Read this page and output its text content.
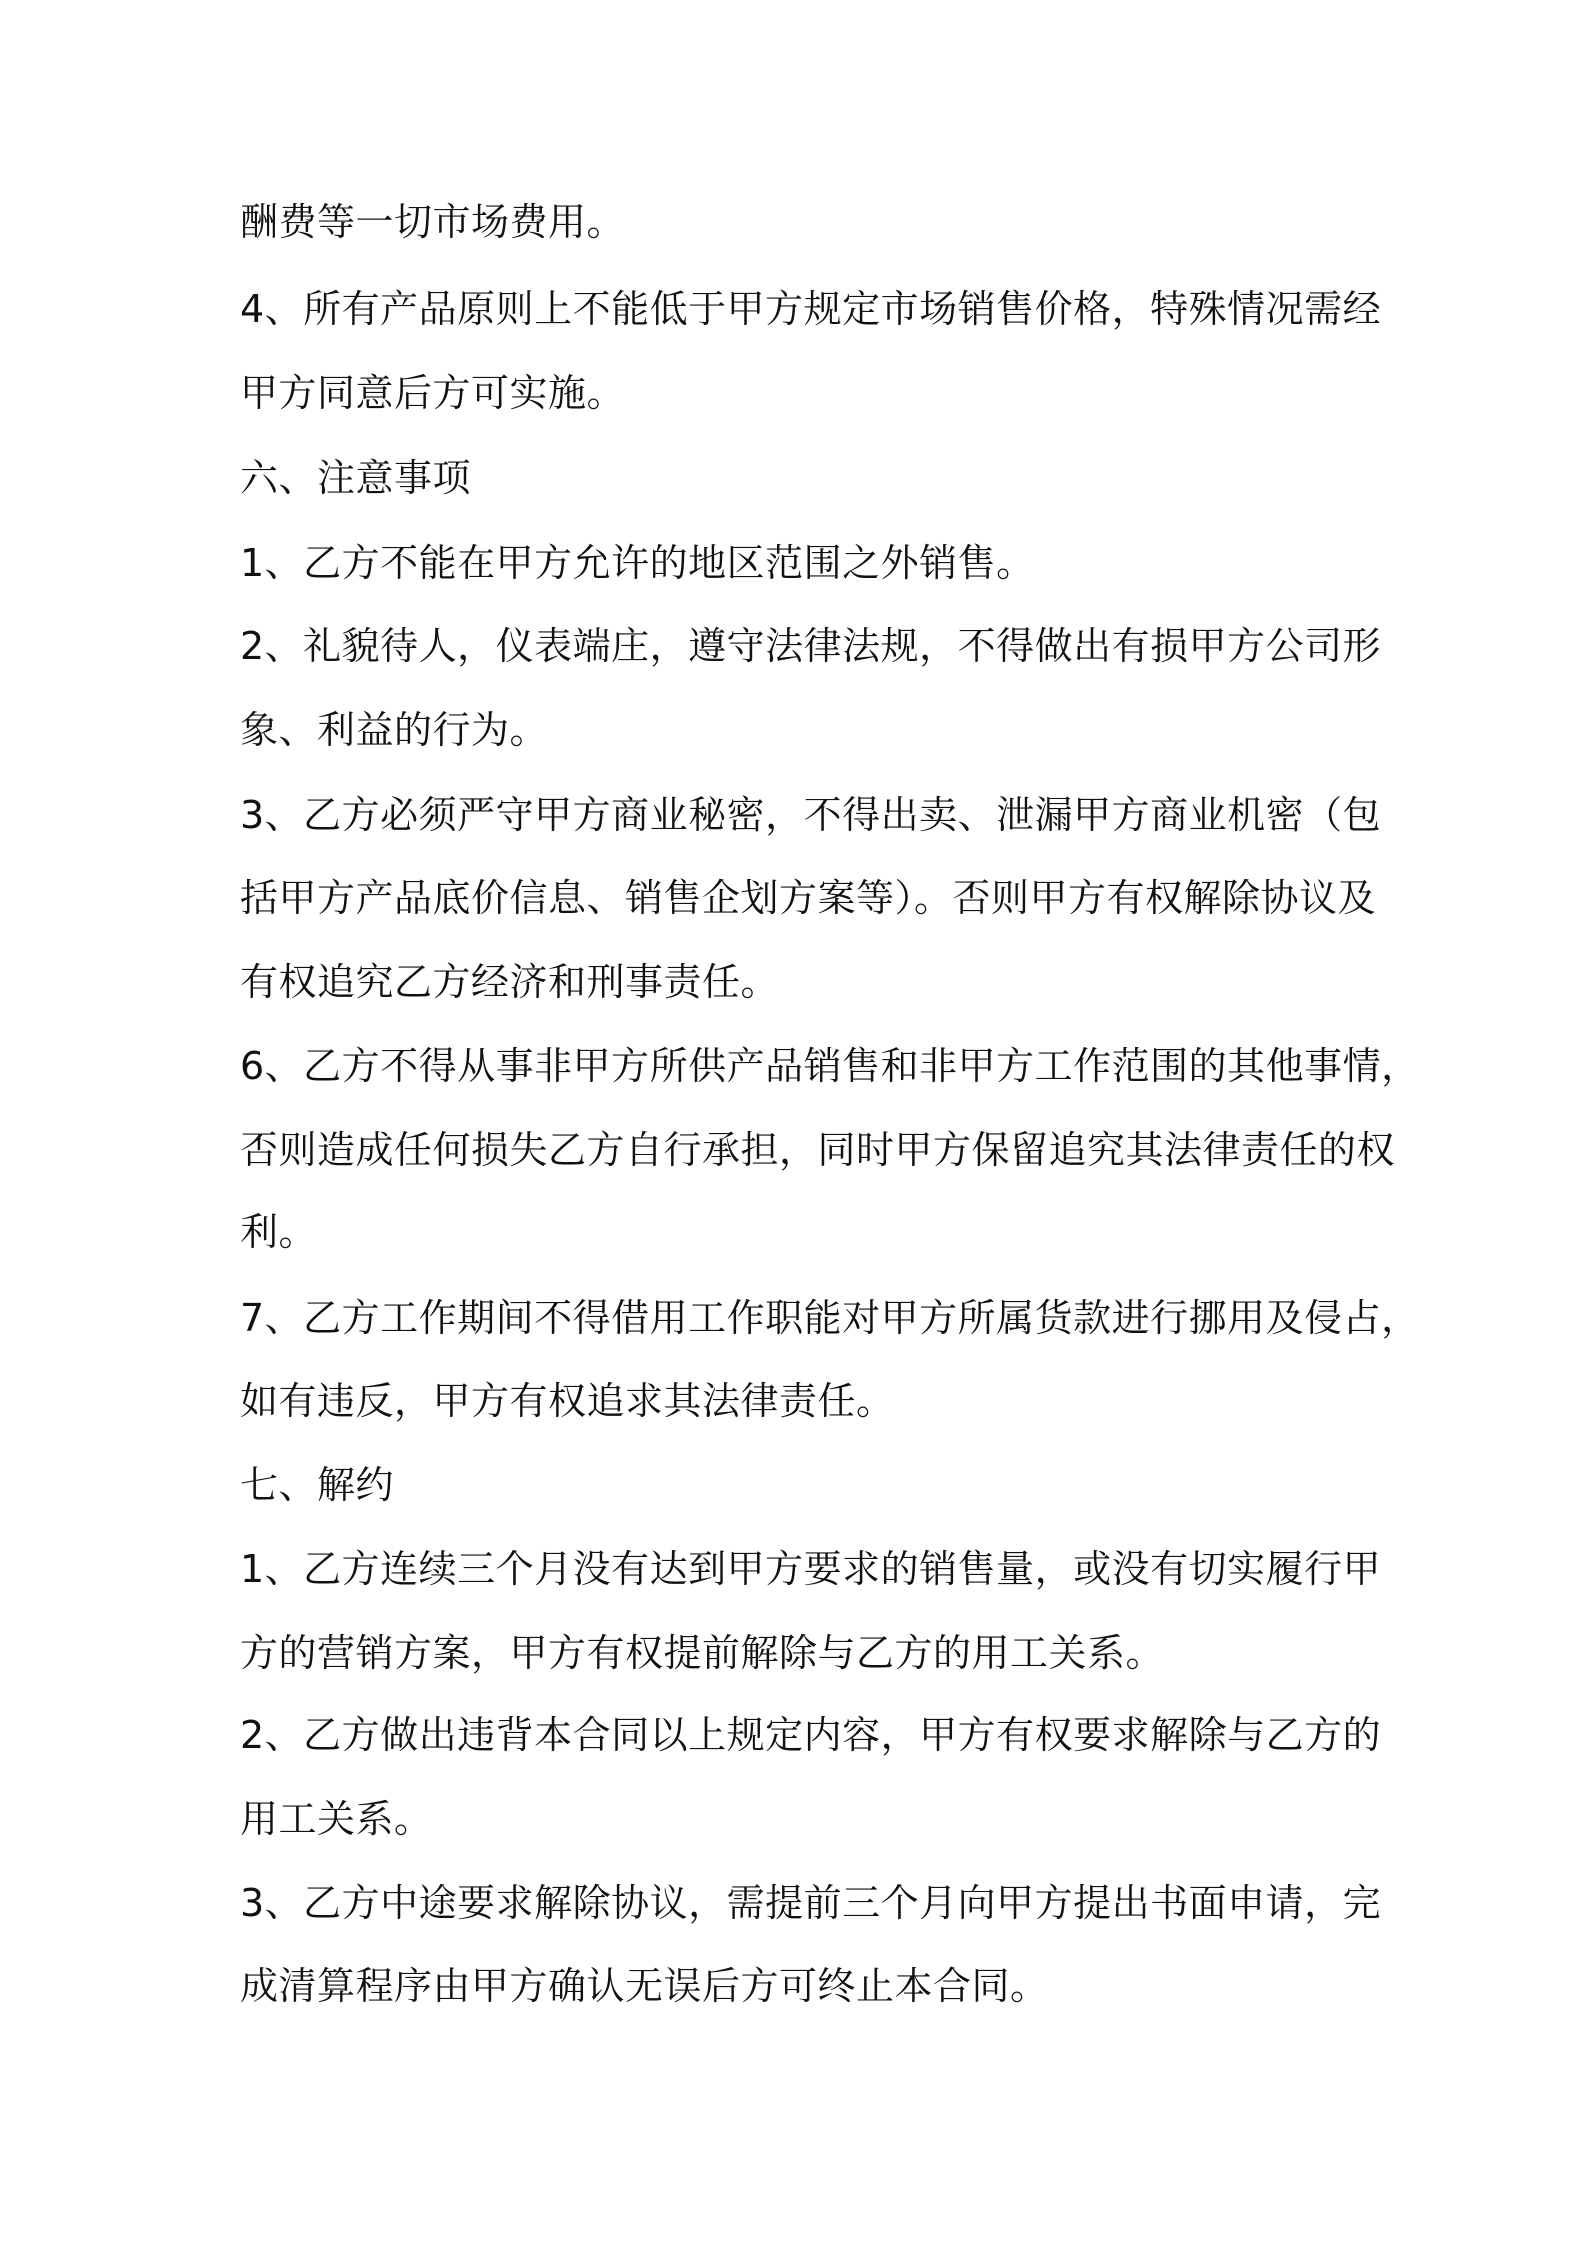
酬费等一切市场费用。
4、所有产品原则上不能低于甲方规定市场销售价格，特殊情况需经
甲方同意后方可实施。
六、注意事项
1、乙方不能在甲方允许的地区范围之外销售。
2、礼貌待人，仪表端庄，遵守法律法规，不得做出有损甲方公司形
象、利益的行为。
3、乙方必须严守甲方商业秘密，不得出卖、泄漏甲方商业机密（包
括甲方产品底价信息、销售企划方案等）。否则甲方有权解除协议及
有权追究乙方经济和刑事责任。
6、乙方不得从事非甲方所供产品销售和非甲方工作范围的其他事情，
否则造成任何损失乙方自行承担，同时甲方保留追究其法律责任的权
利。
7、乙方工作期间不得借用工作职能对甲方所属货款进行挪用及侵占，
如有违反，甲方有权追求其法律责任。
七、解约
1、乙方连续三个月没有达到甲方要求的销售量，或没有切实履行甲
方的营销方案，甲方有权提前解除与乙方的用工关系。
2、乙方做出违背本合同以上规定内容，甲方有权要求解除与乙方的
用工关系。
3、乙方中途要求解除协议，需提前三个月向甲方提出书面申请，完
成清算程序由甲方确认无误后方可终止本合同。
